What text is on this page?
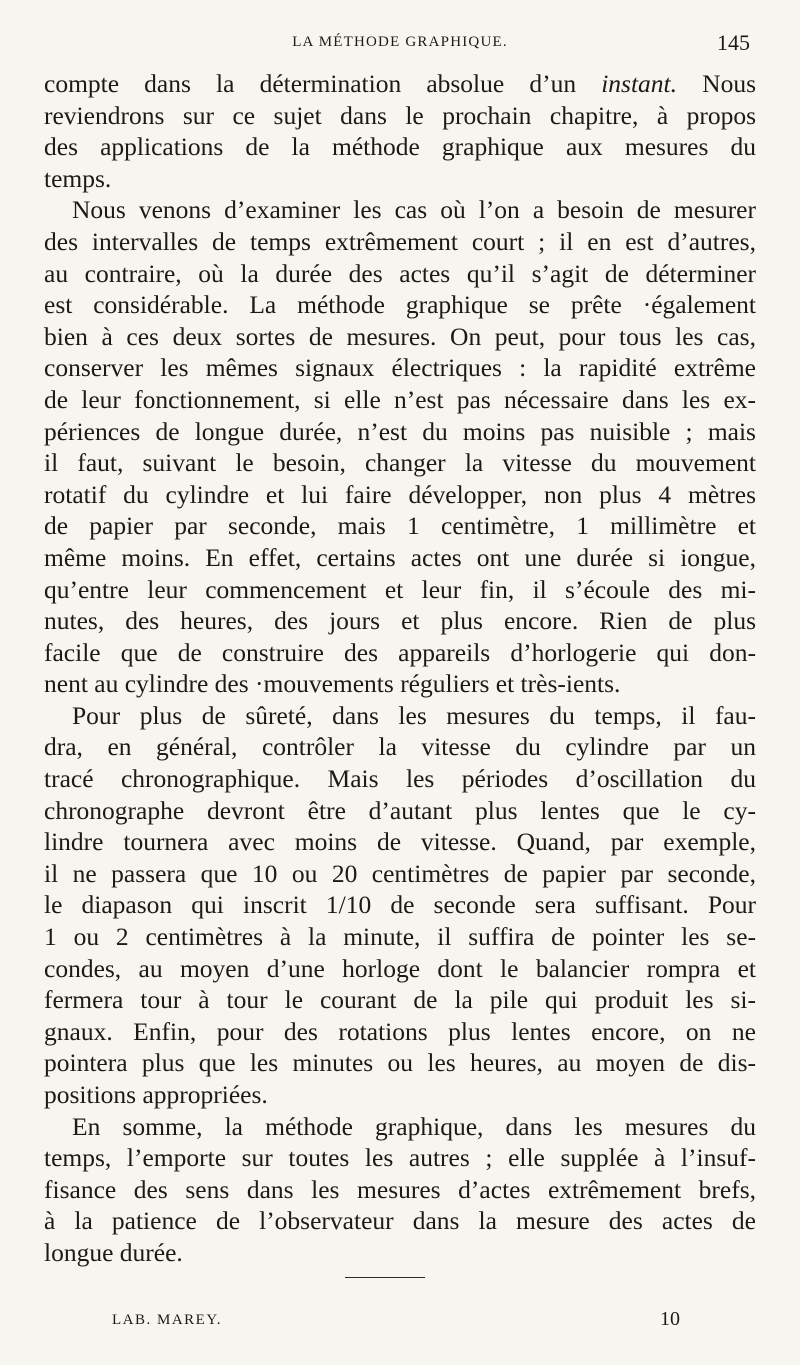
LA MÉTHODE GRAPHIQUE.	145

compte dans la détermination absolue d’un instant. Nous
reviendrons sur ce sujet dans le prochain chapitre, à propos
des applications de la méthode graphique aux mesures du
temps.

Nous venons d’examiner les cas où l’on a besoin de mesurer
des intervalles de temps extrêmement court ; il en est d’autres,
au contraire, où la durée des actes qu’il s’agit de déterminer
est considérable. La méthode graphique se prête ·également
bien à ces deux sortes de mesures. On peut, pour tous les cas,
conserver les mêmes signaux électriques : la rapidité extrême
de leur fonctionnement, si elle n’est pas nécessaire dans les ex-
périences de longue durée, n’est du moins pas nuisible ; mais
il faut, suivant le besoin, changer la vitesse du mouvement
rotatif du cylindre et lui faire développer, non plus 4 mètres
de papier par seconde, mais 1 centimètre, 1 millimètre et
même moins. En effet, certains actes ont une durée si iongue,
qu’entre leur commencement et leur fin, il s’écoule des mi-
nutes, des heures, des jours et plus encore. Rien de plus
facile que de construire des appareils d’horlogerie qui don-
nent au cylindre des ·mouvements réguliers et très-ients.

Pour plus de sûreté, dans les mesures du temps, il fau-
dra, en général, contrôler la vitesse du cylindre par un
tracé chronographique. Mais les périodes d’oscillation du
chronographe devront être d’autant plus lentes que le cy-
lindre tournera avec moins de vitesse. Quand, par exemple,
il ne passera que 10 ou 20 centimètres de papier par seconde,
le diapason qui inscrit 1/10 de seconde sera suffisant. Pour
1 ou 2 centimètres à la minute, il suffira de pointer les se-
condes, au moyen d’une horloge dont le balancier rompra et
fermera tour à tour le courant de la pile qui produit les si-
gnaux. Enfin, pour des rotations plus lentes encore, on ne
pointera plus que les minutes ou les heures, au moyen de dis-
positions appropriées.

En somme, la méthode graphique, dans les mesures du
temps, l’emporte sur toutes les autres ; elle supplée à l’insuf-
fisance des sens dans les mesures d’actes extrêmement brefs,
à la patience de l’observateur dans la mesure des actes de
longue durée.

LAB. MAREY.	10
